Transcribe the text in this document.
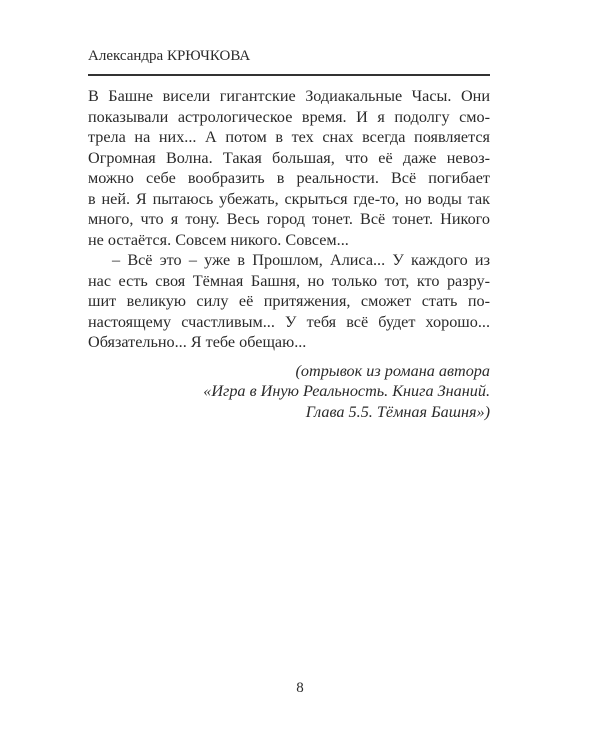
Александра КРЮЧКОВА
В Башне висели гигантские Зодиакальные Часы. Они
показывали астрологическое время. И я подолгу смо-
трела на них... А потом в тех снах всегда появляется
Огромная Волна. Такая большая, что её даже невоз-
можно себе вообразить в реальности. Всё погибает
в ней. Я пытаюсь убежать, скрыться где-то, но воды так
много, что я тону. Весь город тонет. Всё тонет. Никого
не остаётся. Совсем никого. Совсем...
– Всё это – уже в Прошлом, Алиса... У каждого из
нас есть своя Тёмная Башня, но только тот, кто разру-
шит великую силу её притяжения, сможет стать по-
настоящему счастливым... У тебя всё будет хорошо...
Обязательно... Я тебе обещаю...
(отрывок из романа автора
«Игра в Иную Реальность. Книга Знаний.
Глава 5.5. Тёмная Башня»)
8
